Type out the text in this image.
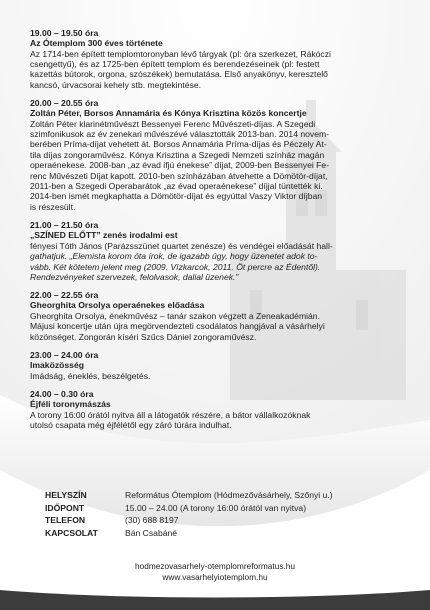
19.00 – 19.50 óra
Az Ótemplom 300 éves története
Az 1714-ben épített templomtoronyban lévő tárgyak (pl: óra szerkezet, Rákóczi
csengettyű), és az 1725-ben épített templom és berendezéseinek (pl: festett
kazettás bútorok, orgona, szószékek) bemutatása. Első anyakönyv, keresztelő
kancsó, úrvacsorai kehely stb. megtekintése.
20.00 – 20.55 óra
Zoltán Péter, Borsos Annamária és Kónya Krisztina közös koncertje
Zoltán Péter klarinétművészt Bessenyei Ferenc Művészeti-díjas. A Szegedi
szimfonikusok az év zenekari művészévé választották 2013-ban. 2014 novem-
berében Príma-díjat vehetett át. Borsos Annamária Príma-díjas és Péczely At-
tila díjas zongoraművész. Kónya Krisztina a Szegedi Nemzeti színház magán
operaénekese. 2008-ban „az évad ifjú énekese” díjat, 2009-ben Bessenyei Fe-
renc Művészeti Díjat kapott. 2010-ben színházában átvehette a Dömötör-díjat,
2011-ben a Szegedi Operabarátok „az évad operaénekese” díjjal tüntették ki.
2014-ben ismét megkaphatta a Dömötör-díjat és egyúttal Vaszy Viktor díjban
is részesült.
21.00 – 21.50 óra
„SZÍNED ELŐTT” zenés irodalmi est
fényesi Tóth János (Parázsszünet quartet zenésze) és vendégei előadását hall-
gathatjuk. „Elemista korom óta írok, de igazabb úgy, hogy üzenetet adok to-
vább. Két kötetem jelent meg (2009. Vízkarcok, 2011. Öt percre az Édentől).
Rendezvényeket szervezek, felolvasok, dalial üzenek.”
22.00 – 22.55 óra
Gheorghita Orsolya operaénekes előadása
Gheorghita Orsolya, énekművész – tanár szakon végzett a Zeneakadémián.
Májusi koncertje után újra megörvendezteti csodálatos hangjával a vásárhelyi
közönséget. Zongorán kíséri Szűcs Dániel zongoraművész.
23.00 – 24.00 óra
Imaközösség
Imádság, éneklés, beszélgetés.
24.00 – 0.30 óra
Éjféli toronymászás
A torony 16:00 órától nyitva áll a látogatók részére, a bátor vállalkozóknak
utolsó csapata még éjfélétől egy záró túrára indulhat.
HELYSZÍN	Református Ótemplom (Hódmezővásárhely, Szőnyi u.)
IDŐPONT	15.00 – 24.00 (A torony 16:00 órától van nyitva)
TELEFON	(30) 688 8197
KAPCSOLAT	Bán Csabáné
hodmezovasarhely-otemplomreformatus.hu
www.vasarhelyiotemplom.hu
